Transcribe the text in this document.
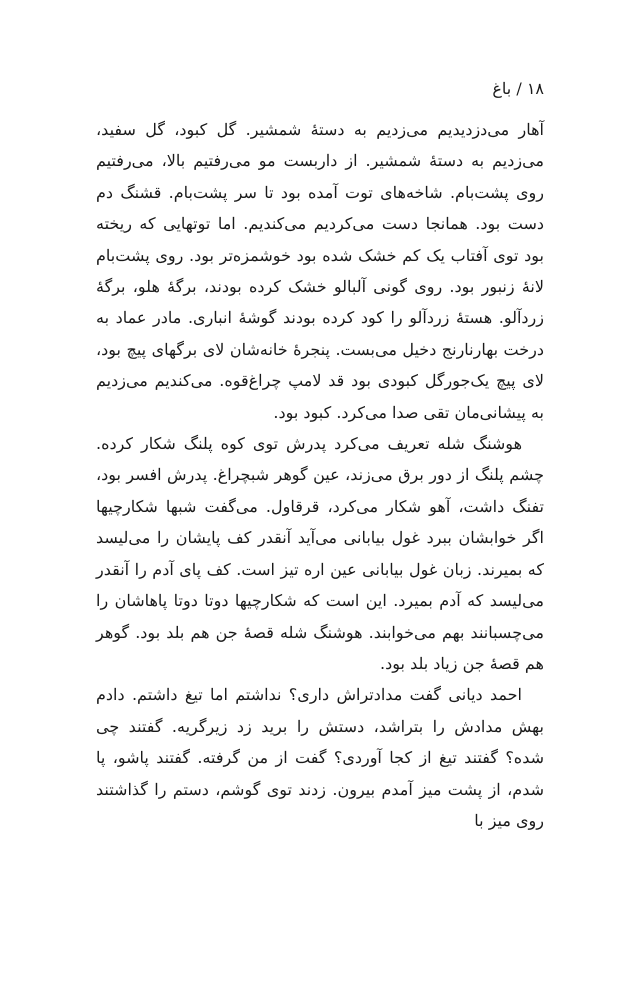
۱۸ / باغ

آهار می‌دزدیدیم می‌زدیم به دستهٔ شمشیر. گل کبود، گل سفید، می‌زدیم به دستهٔ شمشیر. از داربست مو می‌رفتیم بالا، می‌رفتیم روی پشت‌بام. شاخه‌های توت آمده بود تا سر پشت‌بام. قشنگ دم دست بود. همانجا دست می‌کردیم می‌کندیم. اما توتهایی که ریخته بود توی آفتاب یک کم خشک شده بود خوشمزه‌تر بود. روی پشت‌بام لانهٔ زنبور بود. روی گونی آلبالو خشک کرده بودند، برگهٔ هلو، برگهٔ زردآلو. هستهٔ زردآلو را کود کرده بودند گوشهٔ انباری. مادر عماد به درخت بهارنارنج دخیل می‌بست. پنجرهٔ خانه‌شان لای برگهای پیچ بود، لای پیچ یک‌جورگل کبودی بود قد لامپ چراغ‌قوه. می‌کندیم می‌زدیم به پیشانی‌مان تقی صدا می‌کرد. کبود بود.

هوشنگ شله تعریف می‌کرد پدرش توی کوه پلنگ شکار کرده. چشم پلنگ از دور برق می‌زند، عین گوهر شبچراغ. پدرش افسر بود، تفنگ داشت، آهو شکار می‌کرد، قرقاول. می‌گفت شبها شکارچیها اگر خوابشان ببرد غول بیابانی می‌آید آنقدر کف پایشان را می‌لیسد که بمیرند. زبان غول بیابانی عین اره تیز است. کف پای آدم را آنقدر می‌لیسد که آدم بمیرد. این است که شکارچیها دوتا دوتا پاهاشان را می‌چسبانند بهم می‌خوابند. هوشنگ شله قصهٔ جن هم بلد بود. گوهر هم قصهٔ جن زیاد بلد بود.

احمد دیانی گفت مدادتراش داری؟ نداشتم اما تیغ داشتم. دادم بهش مدادش را بتراشد، دستش را برید زد زیرگریه. گفتند چی شده؟ گفتند تیغ از کجا آوردی؟ گفت از من گرفته. گفتند پاشو، پا شدم، از پشت میز آمدم بیرون. زدند توی گوشم، دستم را گذاشتند روی میز با
